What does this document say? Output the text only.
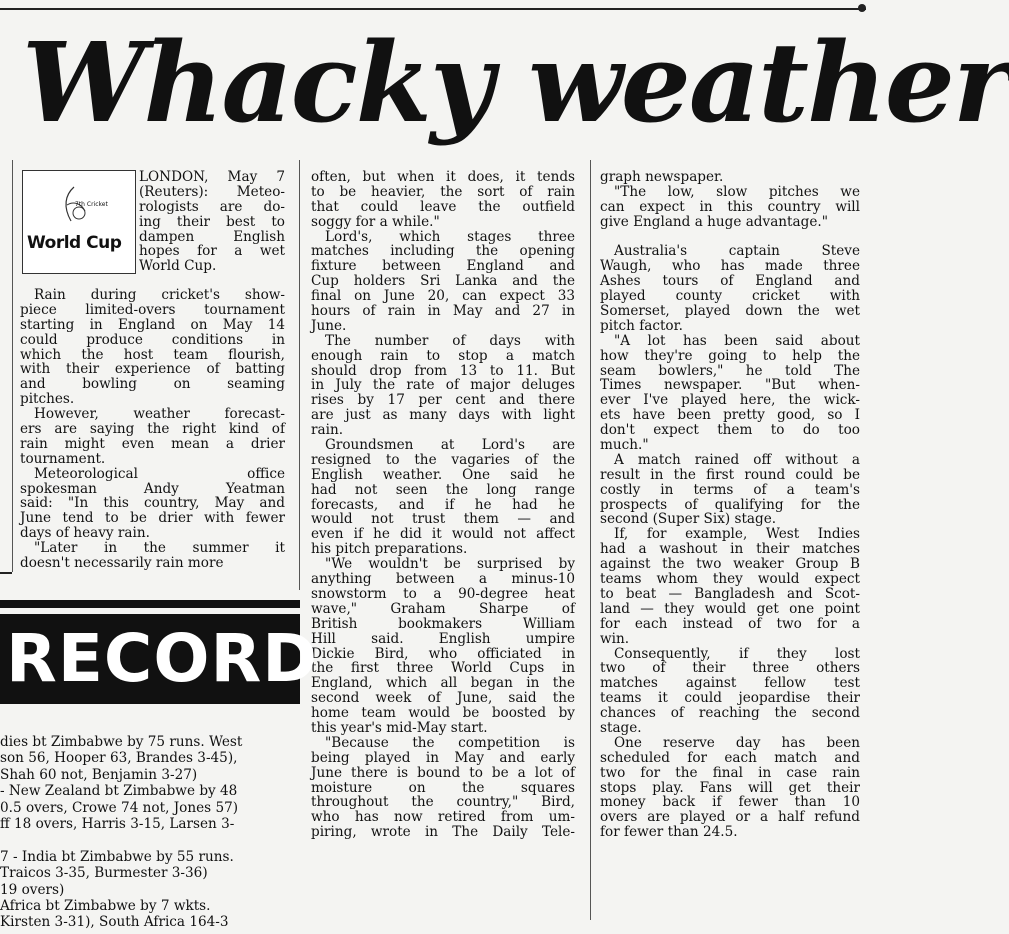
Whacky weather
7th Cricket
World Cup
LONDON, May 7
(Reuters): Meteo-
rologists are do-
ing their best to
dampen English
hopes for a wet
World Cup.
Rain during cricket's show-
piece limited-overs tournament
starting in England on May 14
could produce conditions in
which the host team flourish,
with their experience of batting
and bowling on seaming
pitches.
However, weather forecast-
ers are saying the right kind of
rain might even mean a drier
tournament.
Meteorological office
spokesman Andy Yeatman
said: "In this country, May and
June tend to be drier with fewer
days of heavy rain.
"Later in the summer it
doesn't necessarily rain more
often, but when it does, it tends
to be heavier, the sort of rain
that could leave the outfield
soggy for a while."
Lord's, which stages three
matches including the opening
fixture between England and
Cup holders Sri Lanka and the
final on June 20, can expect 33
hours of rain in May and 27 in
June.
The number of days with
enough rain to stop a match
should drop from 13 to 11. But
in July the rate of major deluges
rises by 17 per cent and there
are just as many days with light
rain.
Groundsmen at Lord's are
resigned to the vagaries of the
English weather. One said he
had not seen the long range
forecasts, and if he had he
would not trust them — and
even if he did it would not affect
his pitch preparations.
"We wouldn't be surprised by
anything between a minus-10
snowstorm to a 90-degree heat
wave," Graham Sharpe of
British bookmakers William
Hill said. English umpire
Dickie Bird, who officiated in
the first three World Cups in
England, which all began in the
second week of June, said the
home team would be boosted by
this year's mid-May start.
"Because the competition is
being played in May and early
June there is bound to be a lot of
moisture on the squares
throughout the country," Bird,
who has now retired from um-
piring, wrote in The Daily Tele-
graph newspaper.
"The low, slow pitches we
can expect in this country will
give England a huge advantage."
Australia's captain Steve
Waugh, who has made three
Ashes tours of England and
played county cricket with
Somerset, played down the wet
pitch factor.
"A lot has been said about
how they're going to help the
seam bowlers," he told The
Times newspaper. "But when-
ever I've played here, the wick-
ets have been pretty good, so I
don't expect them to do too
much."
A match rained off without a
result in the first round could be
costly in terms of a team's
prospects of qualifying for the
second (Super Six) stage.
If, for example, West Indies
had a washout in their matches
against the two weaker Group B
teams whom they would expect
to beat — Bangladesh and Scot-
land — they would get one point
for each instead of two for a
win.
Consequently, if they lost
two of their three others
matches against fellow test
teams it could jeopardise their
chances of reaching the second
stage.
One reserve day has been
scheduled for each match and
two for the final in case rain
stops play. Fans will get their
money back if fewer than 10
overs are played or a half refund
for fewer than 24.5.
RECORD
dies bt Zimbabwe by 75 runs. West
son 56, Hooper 63, Brandes 3-45),
Shah 60 not, Benjamin 3-27)
- New Zealand bt Zimbabwe by 48
0.5 overs, Crowe 74 not, Jones 57)
ff 18 overs, Harris 3-15, Larsen 3-
7 - India bt Zimbabwe by 55 runs.
Traicos 3-35, Burmester 3-36)
19 overs)
Africa bt Zimbabwe by 7 wkts.
Kirsten 3-31), South Africa 164-3
